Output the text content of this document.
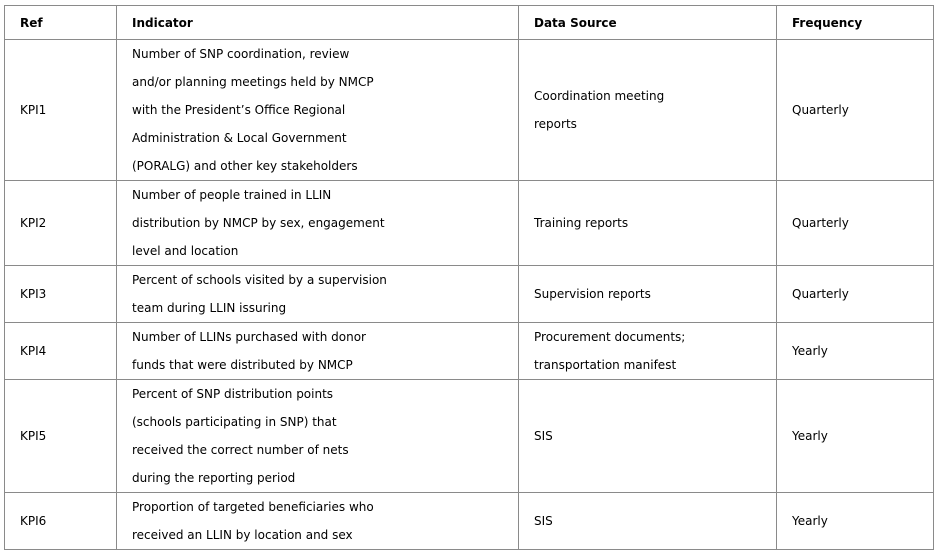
Ref	Indicator	Data Source	Frequency
KPI1	Number of SNP coordination, review
and/or planning meetings held by NMCP
with the President’s Office Regional
Administration & Local Government
(PORALG) and other key stakeholders	Coordination meeting
reports	Quarterly
KPI2	Number of people trained in LLIN
distribution by NMCP by sex, engagement
level and location	Training reports	Quarterly
KPI3	Percent of schools visited by a supervision
team during LLIN issuring	Supervision reports	Quarterly
KPI4	Number of LLINs purchased with donor
funds that were distributed by NMCP	Procurement documents;
transportation manifest	Yearly
KPI5	Percent of SNP distribution points
(schools participating in SNP) that
received the correct number of nets
during the reporting period	SIS	Yearly
KPI6	Proportion of targeted beneficiaries who
received an LLIN by location and sex	SIS	Yearly
